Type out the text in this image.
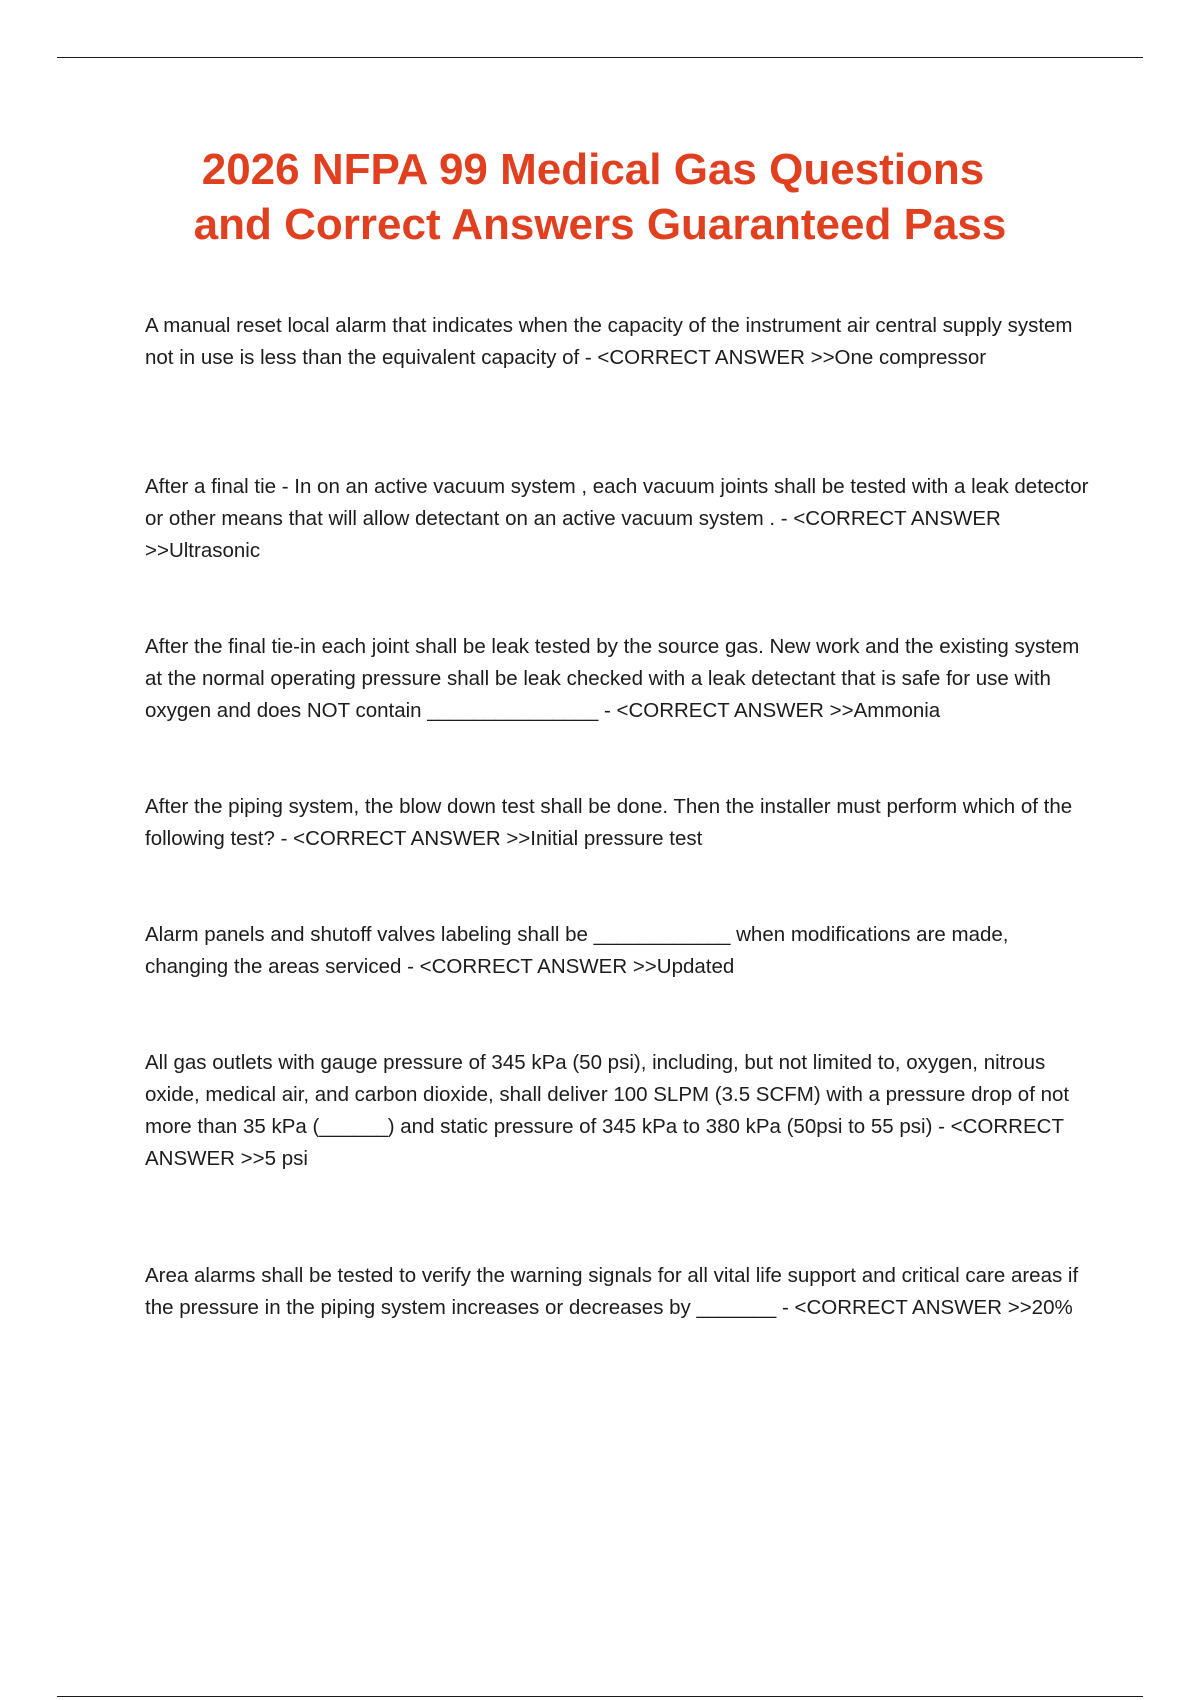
2026 NFPA 99 Medical Gas Questions
and Correct Answers Guaranteed Pass
A manual reset local alarm that indicates when the capacity of the instrument air central supply system not in use is less than the equivalent capacity of - <CORRECT ANSWER >>One compressor
After a final tie - In on an active vacuum system , each vacuum joints shall be tested with a leak detector or other means that will allow detectant on an active vacuum system . - <CORRECT ANSWER >>Ultrasonic
After the final tie-in each joint shall be leak tested by the source gas. New work and the existing system at the normal operating pressure shall be leak checked with a leak detectant that is safe for use with oxygen and does NOT contain _______________ - <CORRECT ANSWER >>Ammonia
After the piping system, the blow down test shall be done. Then the installer must perform which of the following test? - <CORRECT ANSWER >>Initial pressure test
Alarm panels and shutoff valves labeling shall be ____________ when modifications are made, changing the areas serviced - <CORRECT ANSWER >>Updated
All gas outlets with gauge pressure of 345 kPa (50 psi), including, but not limited to, oxygen, nitrous oxide, medical air, and carbon dioxide, shall deliver 100 SLPM (3.5 SCFM) with a pressure drop of not more than 35 kPa (______) and static pressure of 345 kPa to 380 kPa (50psi to 55 psi) - <CORRECT ANSWER >>5 psi
Area alarms shall be tested to verify the warning signals for all vital life support and critical care areas if the pressure in the piping system increases or decreases by _______ - <CORRECT ANSWER >>20%
